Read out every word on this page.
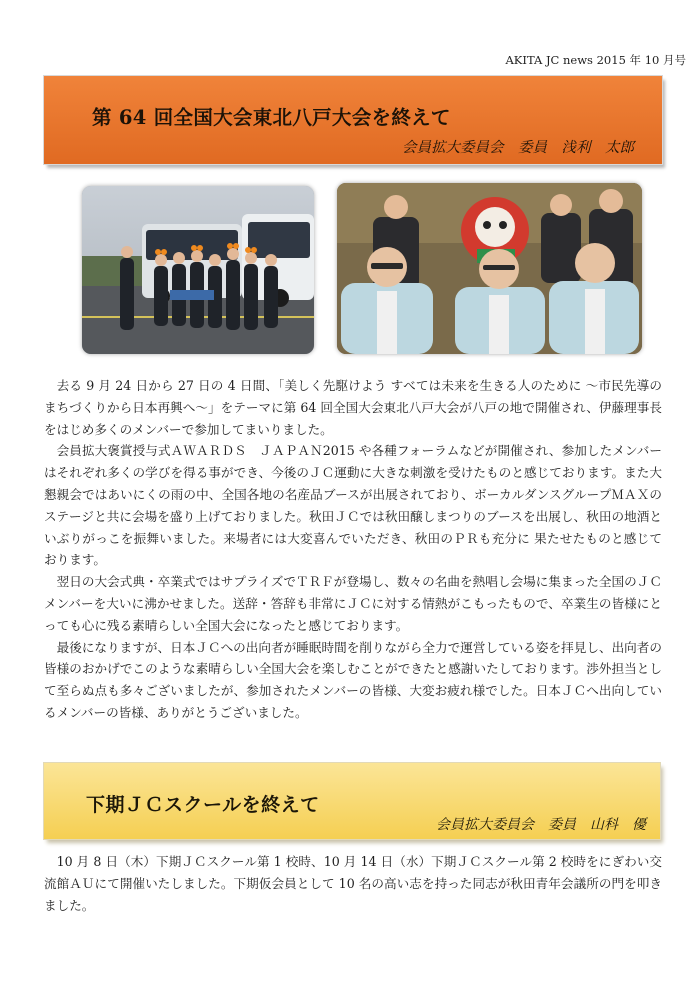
AKITA JC news 2015 年 10 月号
第 64 回全国大会東北八戸大会を終えて
会員拡大委員会　委員　浅利　太郎

去る 9 月 24 日から 27 日の 4 日間、「美しく先駆けよう すべては未来を生きる人のために 〜市民先導のまちづくりから日本再興へ〜」をテーマに第 64 回全国大会東北八戸大会が八戸の地で開催され、伊藤理事長をはじめ多くのメンバーで参加してまいりました。

会員拡大褒賞授与式ＡＷＡＲＤＳ　ＪＡＰＡＮ2015 や各種フォーラムなどが開催され、参加したメンバーはそれぞれ多くの学びを得る事ができ、今後のＪＣ運動に大きな刺激を受けたものと感じております。また大懇親会ではあいにくの雨の中、全国各地の名産品ブースが出展されており、ボーカルダンスグループＭＡＸのステージと共に会場を盛り上げておりました。秋田ＪＣでは秋田醸しまつりのブースを出展し、秋田の地酒といぶりがっこを振舞いました。来場者には大変喜んでいただき、秋田のＰＲも充分に 果たせたものと感じております。

翌日の大会式典・卒業式ではサプライズでＴＲＦが登場し、数々の名曲を熱唱し会場に集まった全国のＪＣメンバーを大いに沸かせました。送辞・答辞も非常にＪＣに対する情熱がこもったもので、卒業生の皆様にとっても心に残る素晴らしい全国大会になったと感じております。

最後になりますが、日本ＪＣへの出向者が睡眠時間を削りながら全力で運営している姿を拝見し、出向者の皆様のおかげでこのような素晴らしい全国大会を楽しむことができたと感謝いたしております。渉外担当として至らぬ点も多々ございましたが、参加されたメンバーの皆様、大変お疲れ様でした。日本ＪＣへ出向しているメンバーの皆様、ありがとうございました。

下期ＪＣスクールを終えて
会員拡大委員会　委員　山科　優

10 月 8 日（木）下期ＪＣスクール第 1 校時、10 月 14 日（水）下期ＪＣスクール第 2 校時をにぎわい交流館ＡＵにて開催いたしました。下期仮会員として 10 名の高い志を持った同志が秋田青年会議所の門を叩きました。
